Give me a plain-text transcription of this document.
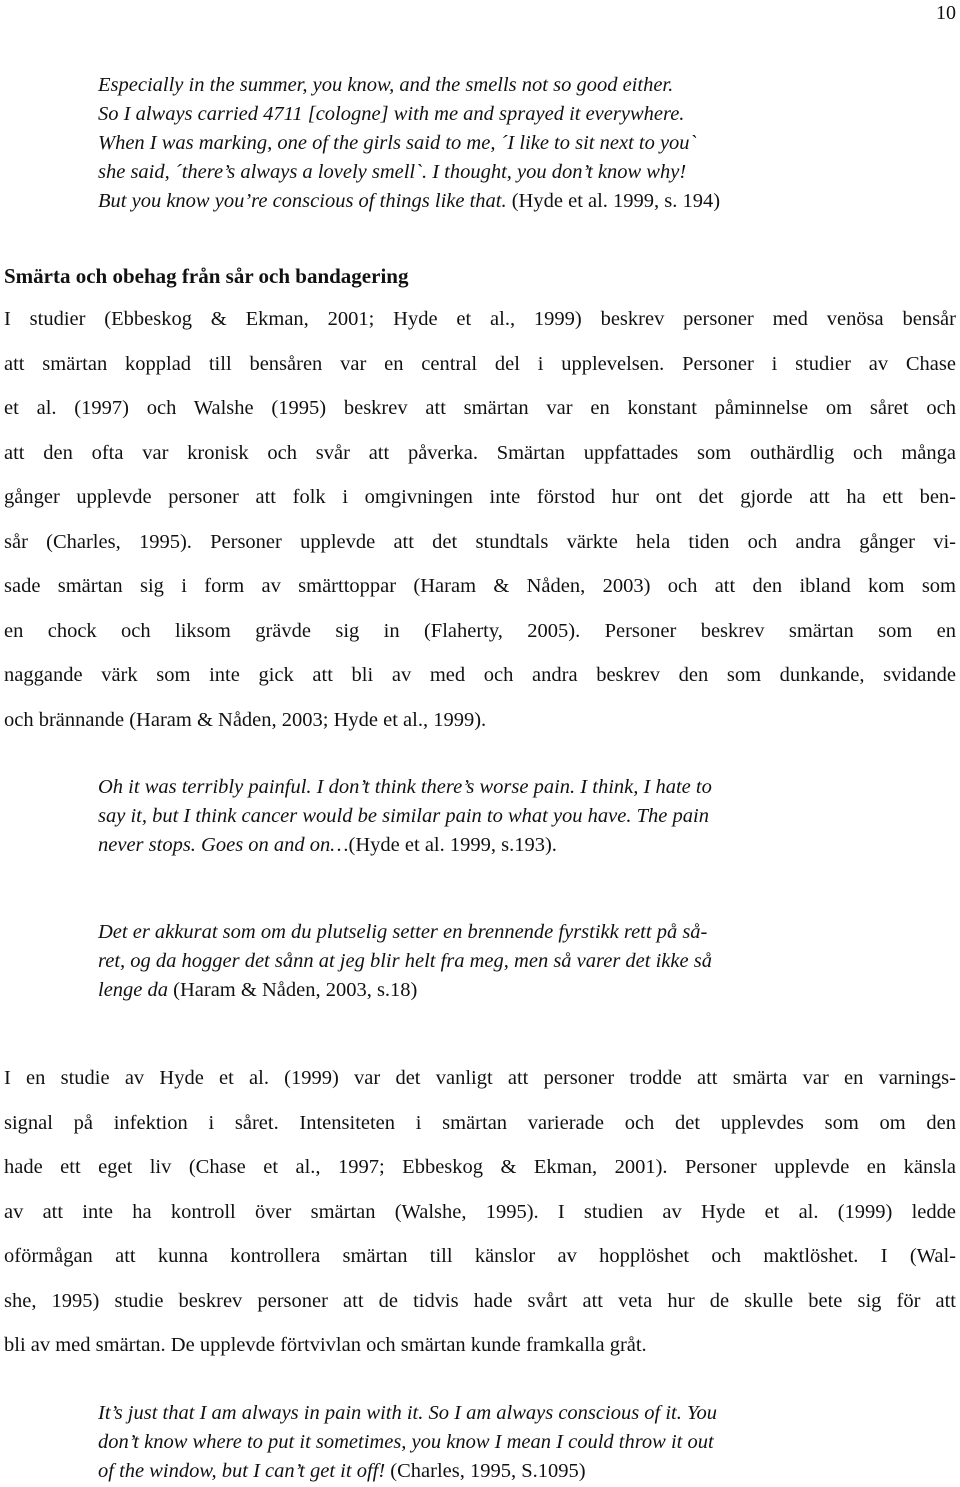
10
Especially in the summer, you know, and the smells not so good either.
So I always carried 4711 [cologne] with me and sprayed it everywhere.
When I was marking, one of the girls said to me, ´I like to sit next to you`
she said, ´there’s always a lovely smell`. I thought, you don’t know why!
But you know you’re conscious of things like that. (Hyde et al. 1999, s. 194)
Smärta och obehag från sår och bandagering
I studier (Ebbeskog & Ekman, 2001; Hyde et al., 1999) beskrev personer med venösa bensår
att smärtan kopplad till bensåren var en central del i upplevelsen. Personer i studier av Chase
et al. (1997) och Walshe (1995) beskrev att smärtan var en konstant påminnelse om såret och
att den ofta var kronisk och svår att påverka. Smärtan uppfattades som outhärdlig och många
gånger upplevde personer att folk i omgivningen inte förstod hur ont det gjorde att ha ett ben-
sår (Charles, 1995). Personer upplevde att det stundtals värkte hela tiden och andra gånger vi-
sade smärtan sig i form av smärttoppar (Haram & Nåden, 2003) och att den ibland kom som
en chock och liksom grävde sig in (Flaherty, 2005). Personer beskrev smärtan som en
naggande värk som inte gick att bli av med och andra beskrev den som dunkande, svidande
och brännande (Haram & Nåden, 2003; Hyde et al., 1999).
Oh it was terribly painful. I don’t think there’s worse pain. I think, I hate to
say it, but I think cancer would be similar pain to what you have. The pain
never stops. Goes on and on…(Hyde et al. 1999, s.193).
Det er akkurat som om du plutselig setter en brennende fyrstikk rett på så-
ret, og da hogger det sånn at jeg blir helt fra meg, men så varer det ikke så
lenge da (Haram & Nåden, 2003, s.18)
I en studie av Hyde et al. (1999) var det vanligt att personer trodde att smärta var en varnings-
signal på infektion i såret. Intensiteten i smärtan varierade och det upplevdes som om den
hade ett eget liv (Chase et al., 1997; Ebbeskog & Ekman, 2001). Personer upplevde en känsla
av att inte ha kontroll över smärtan (Walshe, 1995). I studien av Hyde et al. (1999) ledde
oförmågan att kunna kontrollera smärtan till känslor av hopplöshet och maktlöshet. I (Wal-
she, 1995) studie beskrev personer att de tidvis hade svårt att veta hur de skulle bete sig för att
bli av med smärtan. De upplevde förtvivlan och smärtan kunde framkalla gråt.
It’s just that I am always in pain with it. So I am always conscious of it. You
don’t know where to put it sometimes, you know I mean I could throw it out
of the window, but I can’t get it off! (Charles, 1995, S.1095)
